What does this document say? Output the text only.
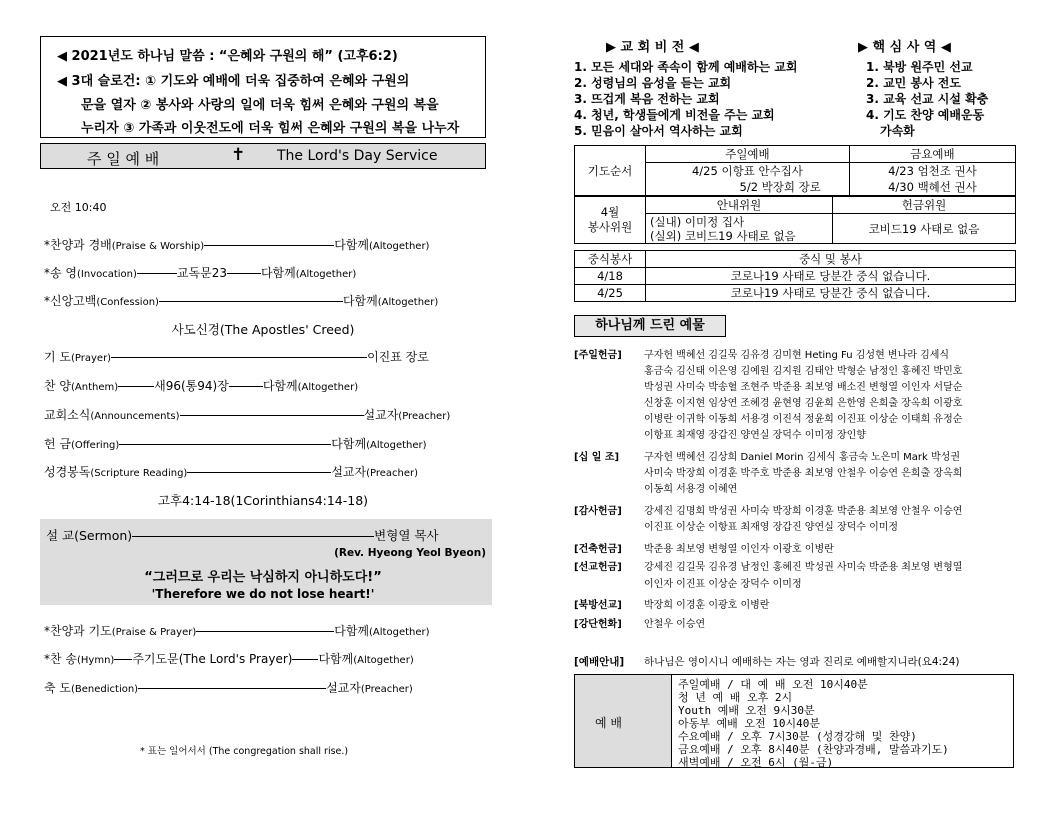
◀ 2021년도 하나님 말씀 : “은혜와 구원의 해” (고후6:2)
◀ 3대 슬로건: ① 기도와 예배에 더욱 집중하여 은혜와 구원의
문을 열자 ② 봉사와 사랑의 일에 더욱 힘써 은혜와 구원의 복을
누리자 ③ 가족과 이웃전도에 더욱 힘써 은혜와 구원의 복을 나누자
주 일 예 배	✝ The Lord's Day Service
오전 10:40
*찬양과 경배(Praise & Worship)	다함께(Altogether)
*송 영(Invocation)	교독문23	다함께(Altogether)
*신앙고백(Confession)	다함께(Altogether)
사도신경(The Apostles' Creed)
기 도(Prayer)	이진표 장로
찬 양(Anthem)	새96(통94)장	다함께(Altogether)
교회소식(Announcements)	설교자(Preacher)
헌 금(Offering)	다함께(Altogether)
성경봉독(Scripture Reading)	설교자(Preacher)
고후4:14-18(1Corinthians4:14-18)
설 교(Sermon)	변형열 목사
(Rev. Hyeong Yeol Byeon)
“그러므로 우리는 낙심하지 아니하도다!”
'Therefore we do not lose heart!'
*찬양과 기도(Praise & Prayer)	다함께(Altogether)
*찬 송(Hymn) 주기도문(The Lord's Prayer) 다함께(Altogether)
축 도(Benediction)	설교자(Preacher)
* 표는 일어서서 (The congregation shall rise.)
▶ 교 회 비 전 ◀
1. 모든 세대와 족속이 함께 예배하는 교회
2. 성령님의 음성을 듣는 교회
3. 뜨겁게 복음 전하는 교회
4. 청년, 학생들에게 비전을 주는 교회
5. 믿음이 살아서 역사하는 교회
▶ 핵 심 사 역 ◀
1. 북방 원주민 선교
2. 교민 봉사 전도
3. 교육 선교 시설 확충
4. 기도 찬양 예배운동
가속화
기도순서	주일예배	금요예배
	4/25 이항표 안수집사	4/23 엄천조 권사
	5/2 박장희 장로	4/30 백혜선 권사
4월
봉사위원	안내위원	헌금위원
	(실내) 이미정 집사
(실외) 코비드19 사태로 없음	코비드19 사태로 없음
중식봉사	중식 및 봉사
4/18	코로나19 사태로 당분간 중식 없습니다.
4/25	코로나19 사태로 당분간 중식 없습니다.
하나님께 드린 예물
[주일헌금]	구자헌 백혜선 김길묵 김유경 김미현 Heting Fu 김성현 변나라 김세식
홍금숙 김신태 이은영 김예원 김지원 김태안 박형순 남정인 홍혜진 박민호
박성권 사미숙 박송혈 조현주 박준용 최보영 배소진 변형열 이인자 서달순
신창훈 이지현 임상연 조혜경 윤현영 김윤희 은한영 은희출 장옥희 이광호
이병란 이귀학 이동희 서용경 이진석 정윤희 이진표 이상순 이태희 유정순
이항표 최재영 장갑진 양연실 장덕수 이미정 장인향
[십 일 조]	구자헌 백혜선 김상희 Daniel Morin 김세식 홍금숙 노은미 Mark 박성권
사미숙 박장희 이경훈 박주호 박준용 최보영 안철우 이승연 은희출 장옥희
이동희 서용경 이혜연
[감사헌금]	강세진 김명희 박성권 사미숙 박장희 이경훈 박준용 최보영 안철우 이승연
이진표 이상순 이항표 최재영 장갑진 양연실 장덕수 이미정
[건축헌금]	박준용 최보영 변형열 이인자 이광호 이병란
[선교헌금]	강세진 김길묵 김유경 남정인 홍혜진 박성권 사미숙 박준용 최보영 변형열
이인자 이진표 이상순 장덕수 이미정
[북방선교]	박장희 이경훈 이광호 이병란
[강단헌화]	안철우 이승연
[예배안내]	하나님은 영이시니 예배하는 자는 영과 진리로 예배할지니라(요4:24)
예 배
주일예배 / 대 예 배 오전 10시40분
청 년 예 배 오후 2시
Youth 예배 오전 9시30분
아동부 예배 오전 10시40분
수요예배 / 오후 7시30분 (성경강해 및 찬양)
금요예배 / 오후 8시40분 (찬양과경배, 말씀과기도)
새벽예배 / 오전 6시 (월-금)
